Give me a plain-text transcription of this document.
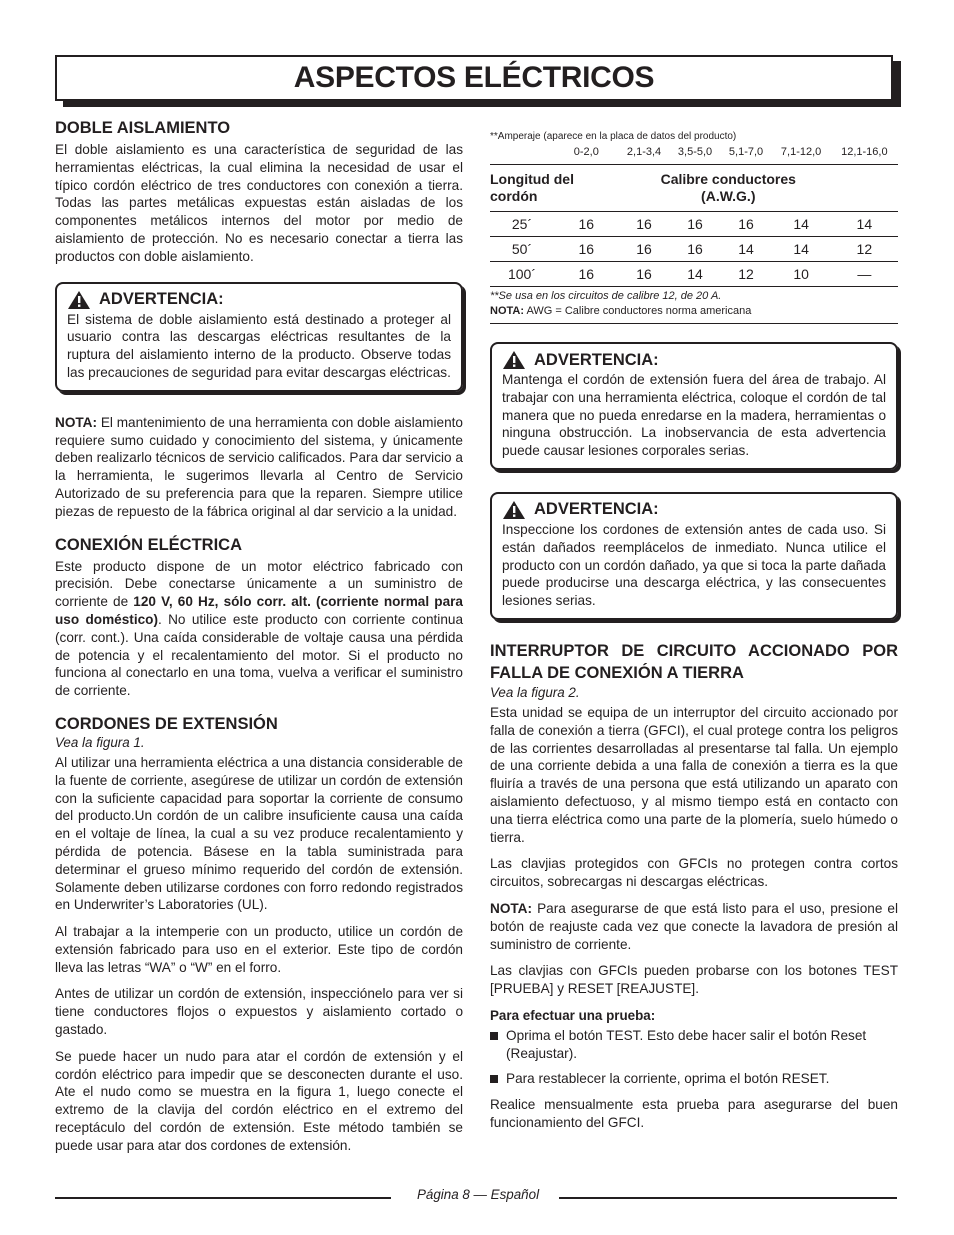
ASPECTOS ELÉCTRICOS
DOBLE AISLAMIENTO

El doble aislamiento es una característica de seguridad de las herramientas eléctricas, la cual elimina la necesidad de usar el típico cordón eléctrico de tres conductores con conexión a tierra. Todas las partes metálicas expuestas están aisladas de los componentes metálicos internos del motor por medio de aislamiento de protección. No es necesario conectar a tierra las productos con doble aislamiento.

ADVERTENCIA:

El sistema de doble aislamiento está destinado a proteger al usuario contra las descargas eléctricas resultantes de la ruptura del aislamiento interno de la producto. Observe todas las precauciones de seguridad para evitar descargas eléctricas.

NOTA: El mantenimiento de una herramienta con doble aislamiento requiere sumo cuidado y conocimiento del sistema, y únicamente deben realizarlo técnicos de servicio calificados. Para dar servicio a la herramienta, le sugerimos llevarla al Centro de Servicio Autorizado de su preferencia para que la reparen. Siempre utilice piezas de repuesto de la fábrica original al dar servicio a la unidad.

CONEXIÓN ELÉCTRICA

Este producto dispone de un motor eléctrico fabricado con precisión. Debe conectarse únicamente a un suministro de corriente de 120 V, 60 Hz, sólo corr. alt. (corriente normal para uso doméstico). No utilice este producto con corriente continua (corr. cont.). Una caída considerable de voltaje causa una pérdida de potencia y el recalentamiento del motor. Si el producto no funciona al conectarlo en una toma, vuelva a verificar el suministro de corriente.

CORDONES DE EXTENSIÓN
Vea la figura 1.

Al utilizar una herramienta eléctrica a una distancia considerable de la fuente de corriente, asegúrese de utilizar un cordón de extensión con la suficiente capacidad para soportar la corriente de consumo del producto.Un cordón de un calibre insuficiente causa una caída en el voltaje de línea, la cual a su vez produce recalentamiento y pérdida de potencia. Básese en la tabla suministrada para determinar el grueso mínimo requerido del cordón de extensión. Solamente deben utilizarse cordones con forro redondo registrados en Underwriter’s Laboratories (UL).

Al trabajar a la intemperie con un producto, utilice un cordón de extensión fabricado para uso en el exterior. Este tipo de cordón lleva las letras “WA” o “W” en el forro.

Antes de utilizar un cordón de extensión, inspecciónelo para ver si tiene conductores flojos o expuestos y aislamiento cortado o gastado.

Se puede hacer un nudo para atar el cordón de extensión y el cordón eléctrico para impedir que se desconecten durante el uso. Ate el nudo como se muestra en la figura 1, luego conecte el extremo de la clavija del cordón eléctrico en el extremo del receptáculo del cordón de extensión. Este método también se puede usar para atar dos cordones de extensión.

**Amperaje (aparece en la placa de datos del producto)
	0-2,0	2,1-3,4	3,5-5,0	5,1-7,0	7,1-12,0	12,1-16,0
Longitud del cordón		Calibre conductores (A.W.G.)				
25´	16	16	16	16	14	14
50´	16	16	16	14	14	12
100´	16	16	14	12	10	—
**Se usa en los circuitos de calibre 12, de 20 A.
NOTA: AWG = Calibre conductores norma americana
ADVERTENCIA:

Mantenga el cordón de extensión fuera del área de trabajo. Al trabajar con una herramienta eléctrica, coloque el cordón de tal manera que no pueda enredarse en la madera, herramientas o ninguna obstrucción. La inobservancia de esta advertencia puede causar lesiones corporales serias.

ADVERTENCIA:

Inspeccione los cordones de extensión antes de cada uso. Si están dañados reemplácelos de inmediato. Nunca utilice el producto con un cordón dañado, ya que si toca la parte dañada puede producirse una descarga eléctrica, y las consecuentes lesiones serias.

INTERRUPTOR DE CIRCUITO ACCIONADO POR FALLA DE CONEXIÓN A TIERRA
Vea la figura 2.

Esta unidad se equipa de un interruptor del circuito accionado por falla de conexión a tierra (GFCI), el cual protege contra los peligros de las corrientes desarrolladas al presentarse tal falla. Un ejemplo de una corriente debida a una falla de conexión a tierra es la que fluiría a través de una persona que está utilizando un aparato con aislamiento defectuoso, y al mismo tiempo está en contacto con una tierra eléctrica como una parte de la plomería, suelo húmedo o tierra.

Las clavjias protegidos con GFCIs no protegen contra cortos circuitos, sobrecargas ni descargas eléctricas.

NOTA: Para asegurarse de que está listo para el uso, presione el botón de reajuste cada vez que conecte la lavadora de presión al suministro de corriente.

Las clavjias con GFCIs pueden probarse con los botones TEST [PRUEBA] y RESET [REAJUSTE].

Para efectuar una prueba:

Oprima el botón TEST. Esto debe hacer salir el botón Reset (Reajustar).
Para restablecer la corriente, oprima el botón RESET.

Realice mensualmente esta prueba para asegurarse del buen funcionamiento del GFCI.

Página 8 — Español
